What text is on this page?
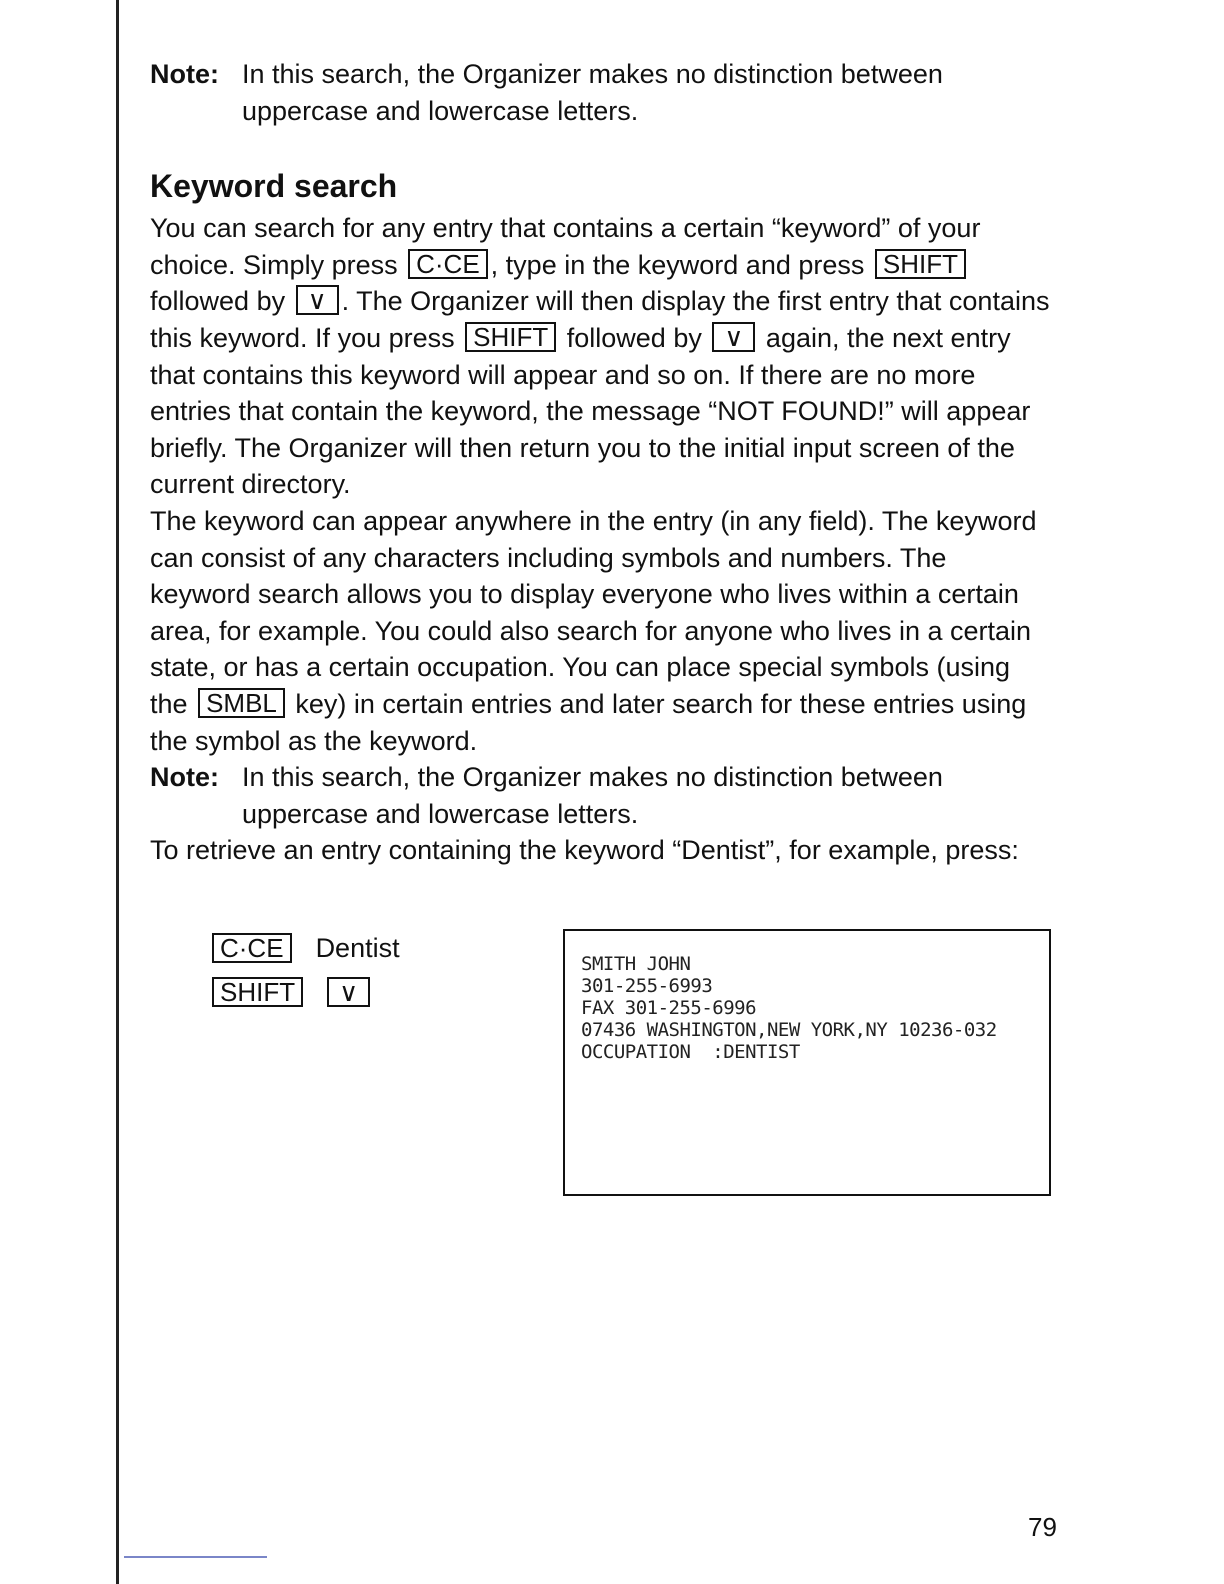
Note: In this search, the Organizer makes no distinction between uppercase and lowercase letters.
Keyword search

You can search for any entry that contains a certain “keyword” of your choice. Simply press C·CE , type in the keyword and press SHIFT followed by ∨ . The Organizer will then display the first entry that contains this keyword. If you press SHIFT followed by ∨ again, the next entry that contains this keyword will appear and so on. If there are no more entries that contain the keyword, the message “NOT FOUND!” will appear briefly. The Organizer will then return you to the initial input screen of the current directory.

The keyword can appear anywhere in the entry (in any field). The keyword can consist of any characters including symbols and numbers. The keyword search allows you to display everyone who lives within a certain area, for example. You could also search for anyone who lives in a certain state, or has a certain occupation. You can place special symbols (using the SMBL key) in certain entries and later search for these entries using the symbol as the keyword.

Note: In this search, the Organizer makes no distinction between uppercase and lowercase letters.

To retrieve an entry containing the keyword “Dentist”, for example, press:

C·CE Dentist
SHIFT	∨
SMITH JOHN
301-255-6993
FAX 301-255-6996
07436 WASHINGTON,NEW YORK,NY 10236-032
OCCUPATION  :DENTIST
79
